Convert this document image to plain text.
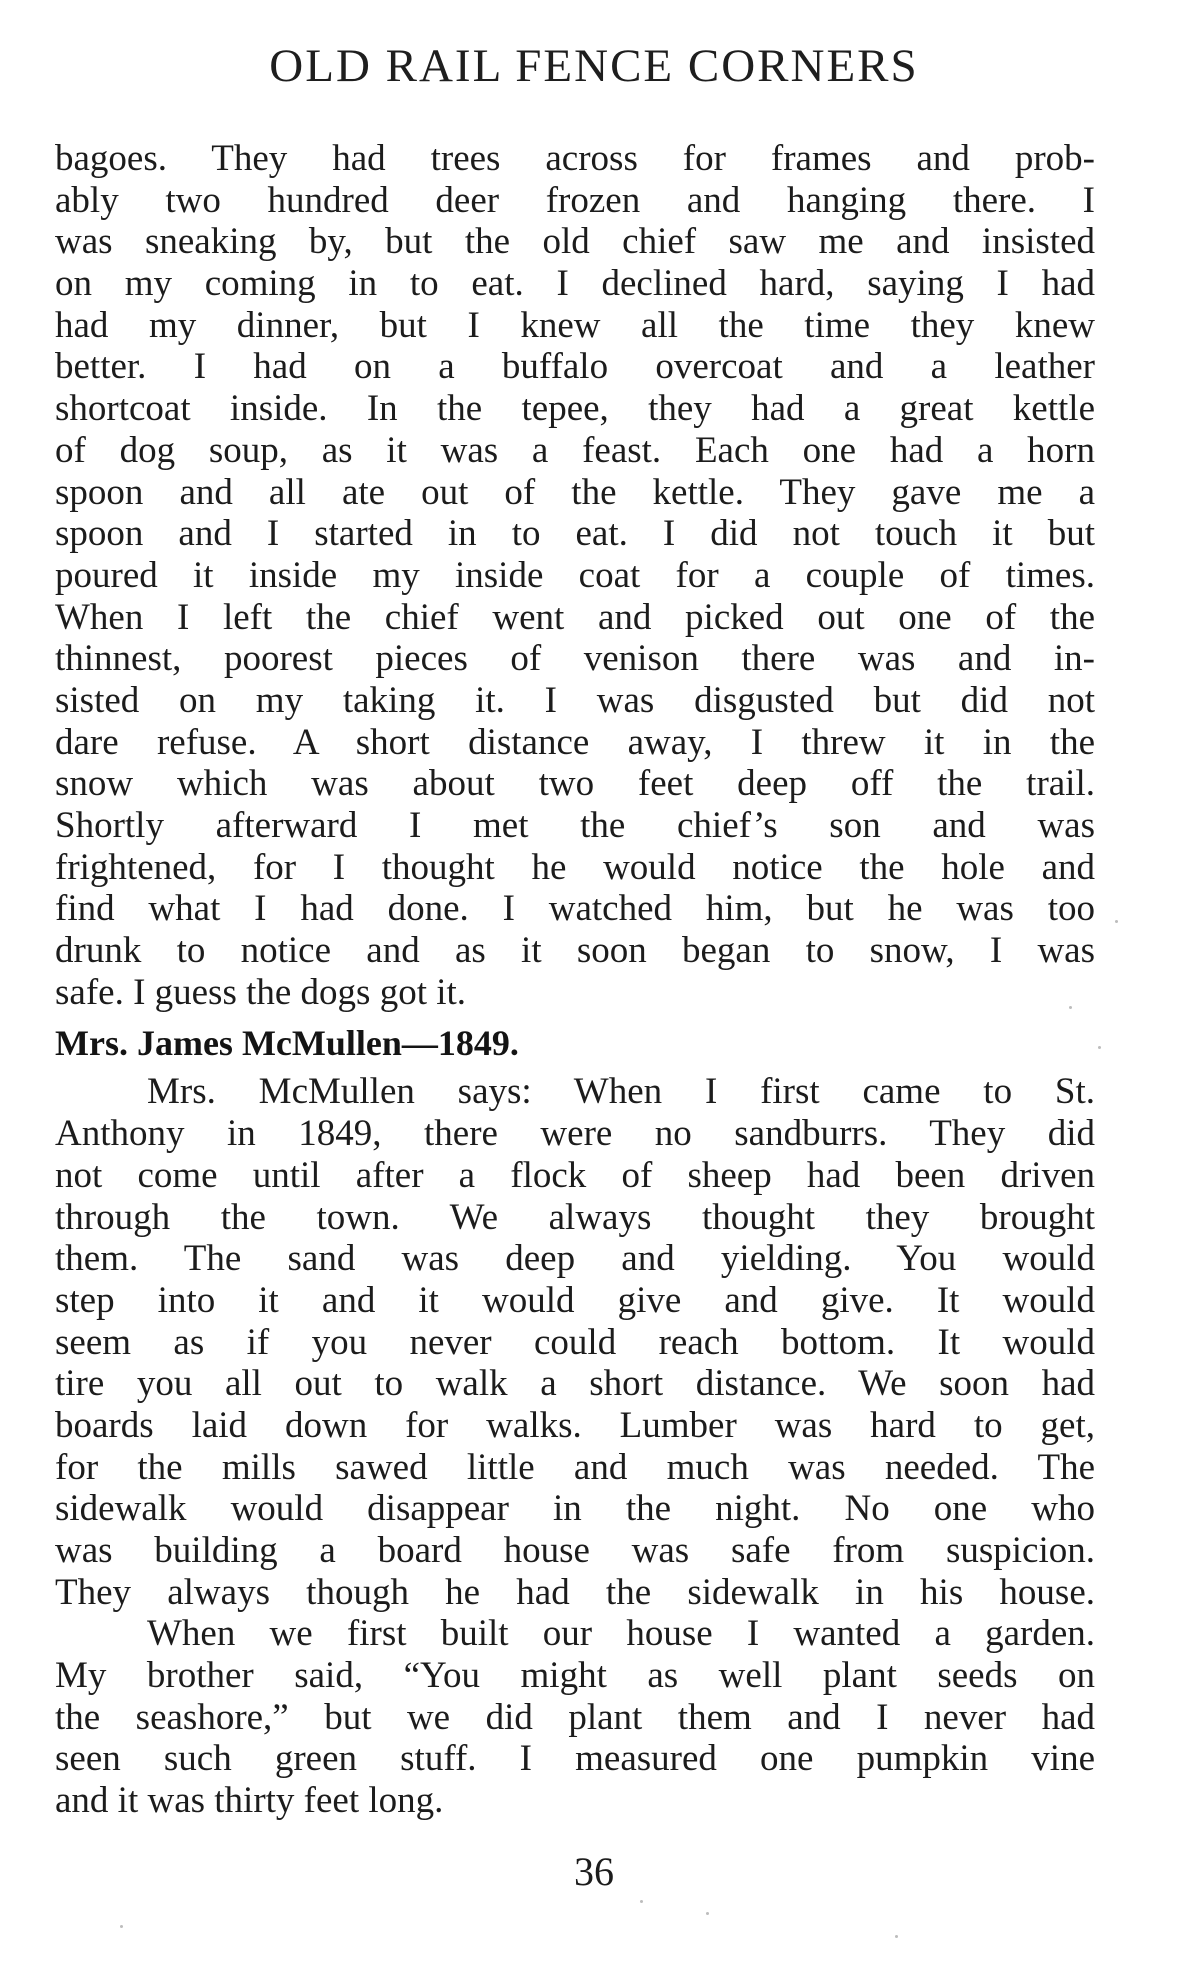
OLD RAIL FENCE CORNERS
bagoes. They had trees across for frames and prob-
ably two hundred deer frozen and hanging there. I
was sneaking by, but the old chief saw me and insisted
on my coming in to eat. I declined hard, saying I had
had my dinner, but I knew all the time they knew
better. I had on a buffalo overcoat and a leather
shortcoat inside. In the tepee, they had a great kettle
of dog soup, as it was a feast. Each one had a horn
spoon and all ate out of the kettle. They gave me a
spoon and I started in to eat. I did not touch it but
poured it inside my inside coat for a couple of times.
When I left the chief went and picked out one of the
thinnest, poorest pieces of venison there was and in-
sisted on my taking it. I was disgusted but did not
dare refuse. A short distance away, I threw it in the
snow which was about two feet deep off the trail.
Shortly afterward I met the chief’s son and was
frightened, for I thought he would notice the hole and
find what I had done. I watched him, but he was too
drunk to notice and as it soon began to snow, I was
safe. I guess the dogs got it.
Mrs. James McMullen—1849.
Mrs. McMullen says: When I first came to St.
Anthony in 1849, there were no sandburrs. They did
not come until after a flock of sheep had been driven
through the town. We always thought they brought
them. The sand was deep and yielding. You would
step into it and it would give and give. It would
seem as if you never could reach bottom. It would
tire you all out to walk a short distance. We soon had
boards laid down for walks. Lumber was hard to get,
for the mills sawed little and much was needed. The
sidewalk would disappear in the night. No one who
was building a board house was safe from suspicion.
They always though he had the sidewalk in his house.
When we first built our house I wanted a garden.
My brother said, “You might as well plant seeds on
the seashore,” but we did plant them and I never had
seen such green stuff. I measured one pumpkin vine
and it was thirty feet long.
36
